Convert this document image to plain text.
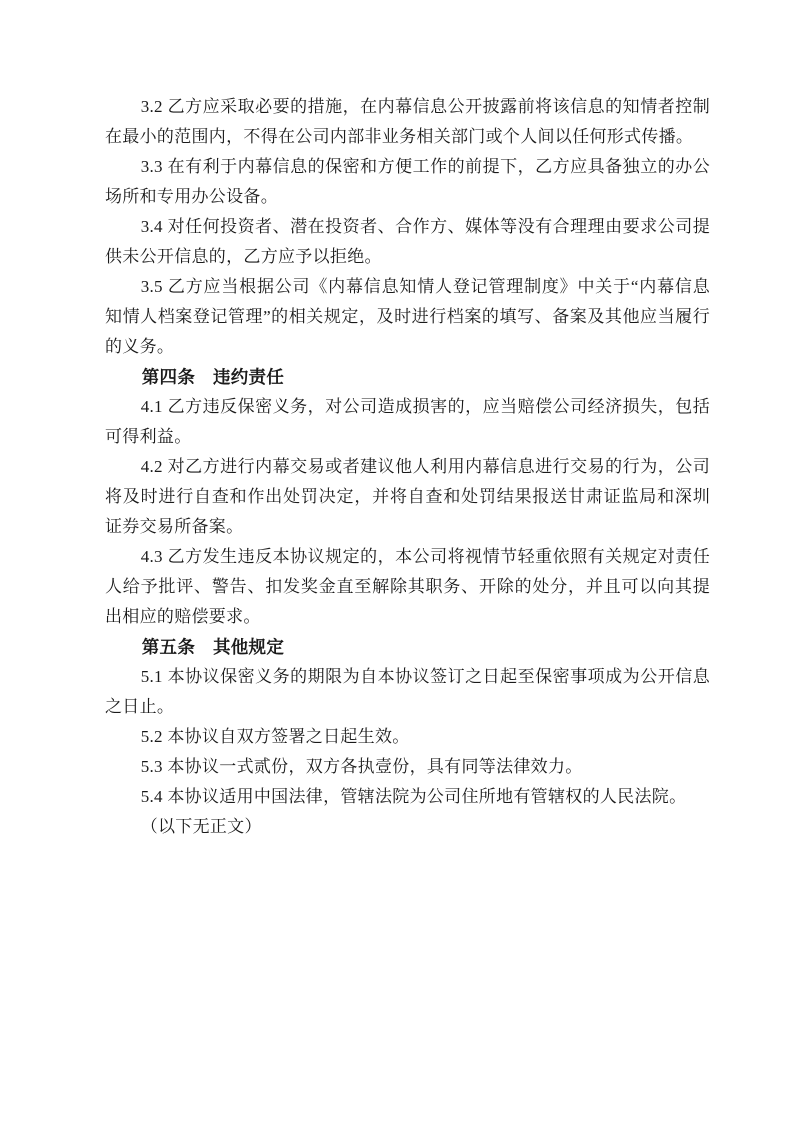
3.2 乙方应采取必要的措施，在内幕信息公开披露前将该信息的知情者控制在最小的范围内，不得在公司内部非业务相关部门或个人间以任何形式传播。

3.3 在有利于内幕信息的保密和方便工作的前提下，乙方应具备独立的办公场所和专用办公设备。

3.4 对任何投资者、潜在投资者、合作方、媒体等没有合理理由要求公司提供未公开信息的，乙方应予以拒绝。

3.5 乙方应当根据公司《内幕信息知情人登记管理制度》中关于“内幕信息知情人档案登记管理”的相关规定，及时进行档案的填写、备案及其他应当履行的义务。

第四条　违约责任

4.1 乙方违反保密义务，对公司造成损害的，应当赔偿公司经济损失，包括可得利益。

4.2 对乙方进行内幕交易或者建议他人利用内幕信息进行交易的行为，公司将及时进行自查和作出处罚决定，并将自查和处罚结果报送甘肃证监局和深圳证券交易所备案。

4.3 乙方发生违反本协议规定的，本公司将视情节轻重依照有关规定对责任人给予批评、警告、扣发奖金直至解除其职务、开除的处分，并且可以向其提 出相应的赔偿要求。

第五条　其他规定

5.1 本协议保密义务的期限为自本协议签订之日起至保密事项成为公开信息之日止。

5.2 本协议自双方签署之日起生效。

5.3 本协议一式贰份，双方各执壹份，具有同等法律效力。

5.4 本协议适用中国法律，管辖法院为公司住所地有管辖权的人民法院。

（以下无正文）
